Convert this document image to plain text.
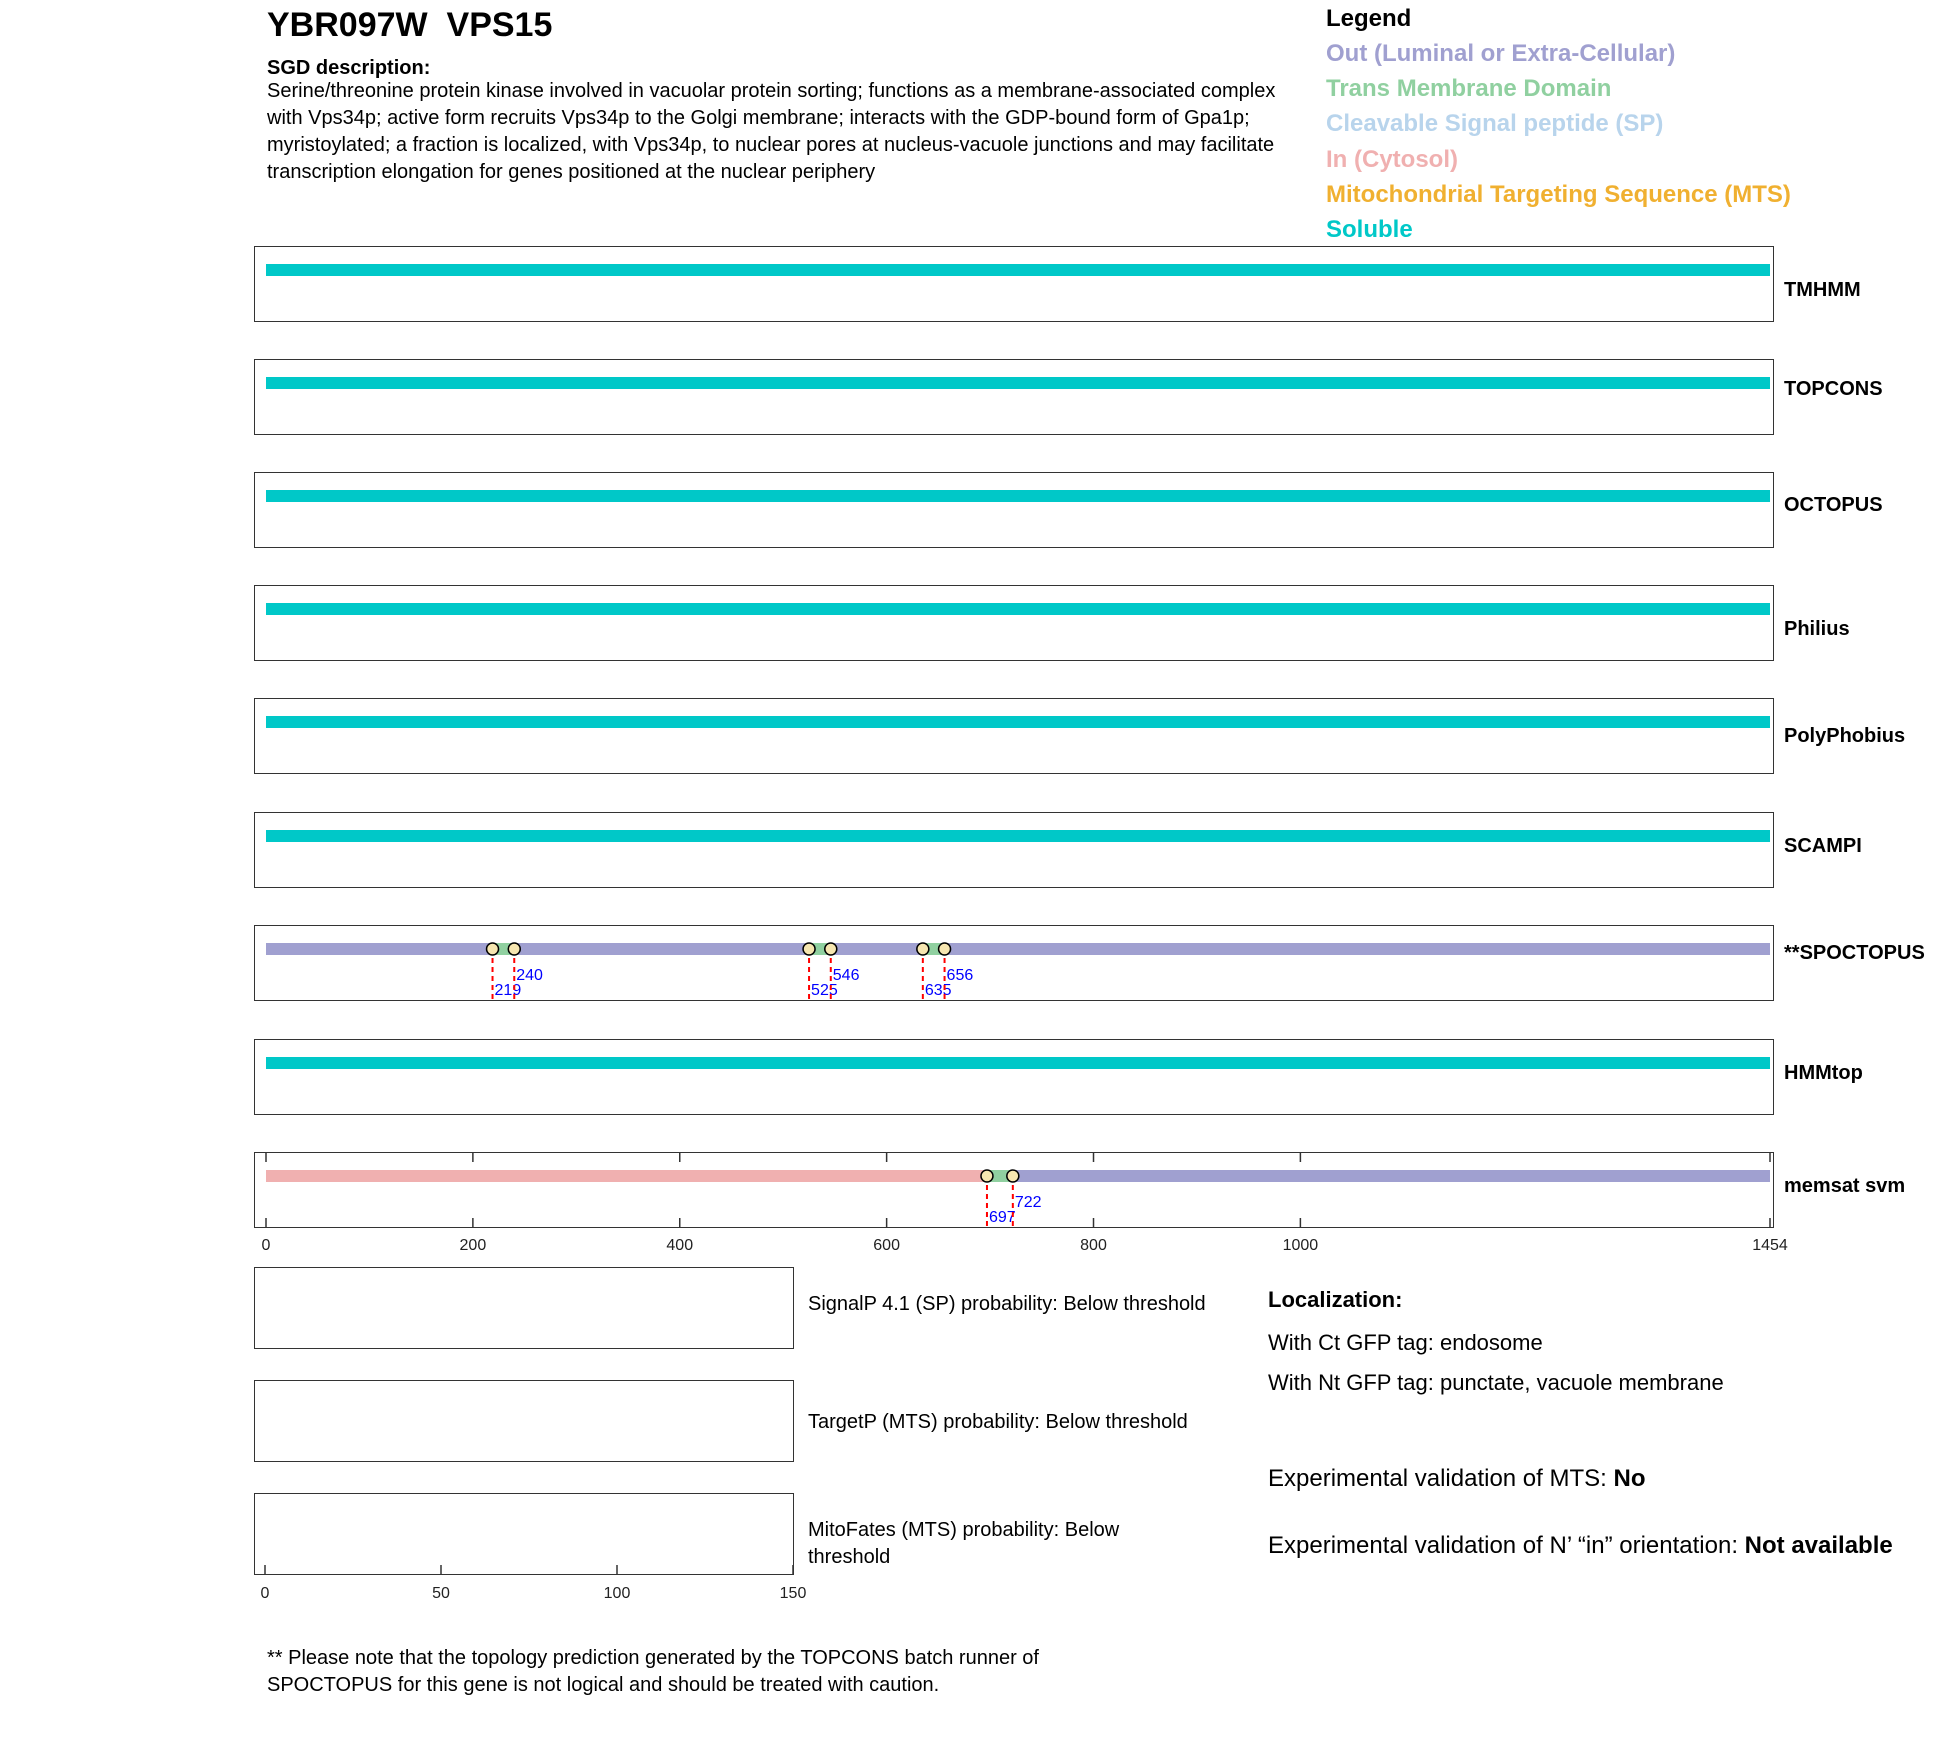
YBR097W VPS15
SGD description:
Serine/threonine protein kinase involved in vacuolar protein sorting; functions as a membrane-associated complex with Vps34p; active form recruits Vps34p to the Golgi membrane; interacts with the GDP-bound form of Gpa1p; myristoylated; a fraction is localized, with Vps34p, to nuclear pores at nucleus-vacuole junctions and may facilitate transcription elongation for genes positioned at the nuclear periphery
Legend
Out (Luminal or Extra-Cellular)
Trans Membrane Domain
Cleavable Signal peptide (SP)
In (Cytosol)
Mitochondrial Targeting Sequence (MTS)
Soluble
TMHMM
TOPCONS
OCTOPUS
Philius
PolyPhobius
SCAMPI
**SPOCTOPUS
219
240
525
546
635
656
HMMtop
memsat svm
697
722
0	200	400	600	800	1000	1454
0	50	100	150
SignalP 4.1 (SP) probability: Below threshold
TargetP (MTS) probability: Below threshold
MitoFates (MTS) probability: Below threshold
Localization:
With Ct GFP tag: endosome
With Nt GFP tag: punctate, vacuole membrane
Experimental validation of MTS: No
Experimental validation of N’ “in” orientation: Not available
** Please note that the topology prediction generated by the TOPCONS batch runner of SPOCTOPUS for this gene is not logical and should be treated with caution.
